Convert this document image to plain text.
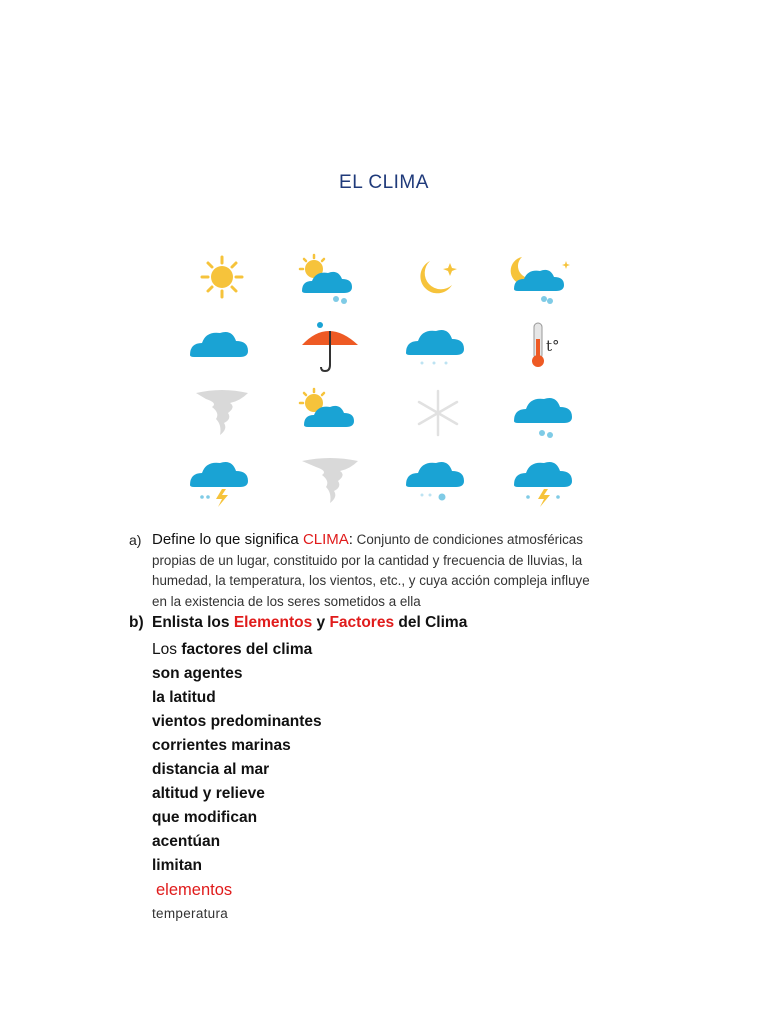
EL CLIMA
t°
a) Define lo que significa CLIMA: Conjunto de condiciones atmosféricas
propias de un lugar, constituido por la cantidad y frecuencia de lluvias, la
humedad, la temperatura, los vientos, etc., y cuya acción compleja influye
en la existencia de los seres sometidos a ella
b) Enlista los Elementos y Factores del Clima
Los factores del clima
son agentes
la latitud
vientos predominantes
corrientes marinas
distancia al mar
altitud y relieve
que modifican
acentúan
limitan
elementos
temperatura
